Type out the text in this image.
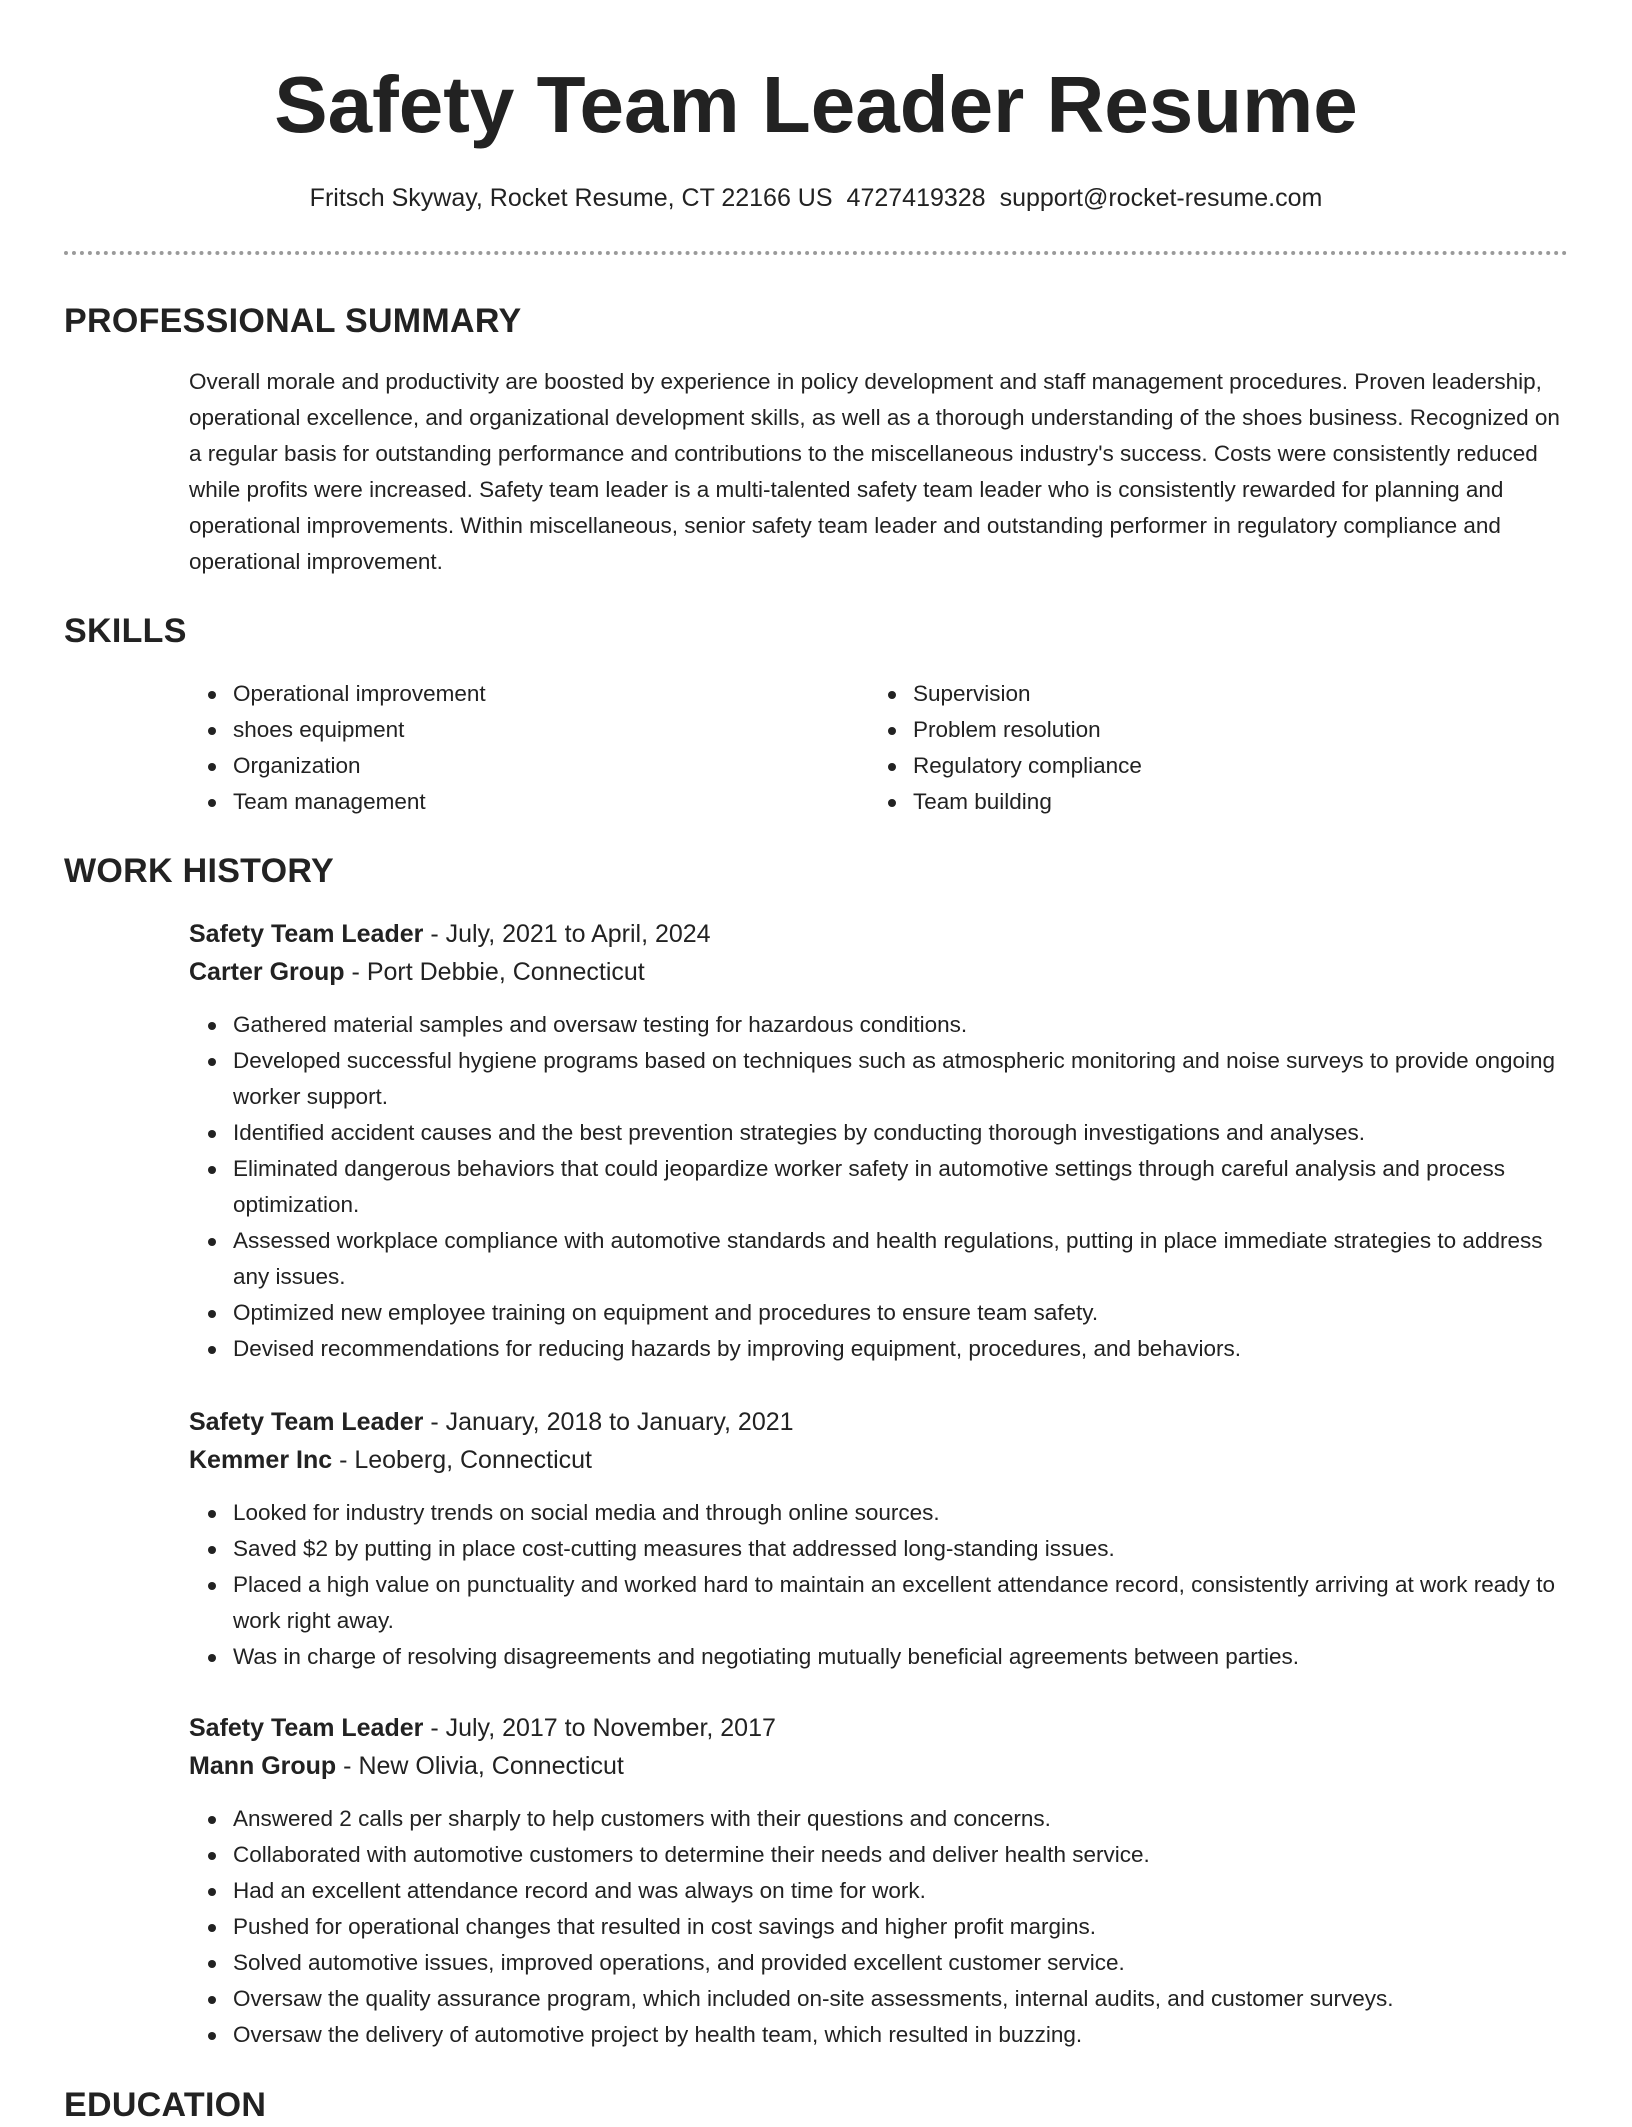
Safety Team Leader Resume
Fritsch Skyway, Rocket Resume, CT 22166 US 4727419328 support@rocket-resume.com
PROFESSIONAL SUMMARY

Overall morale and productivity are boosted by experience in policy development and staff management procedures. Proven leadership, operational excellence, and organizational development skills, as well as a thorough understanding of the shoes business. Recognized on a regular basis for outstanding performance and contributions to the miscellaneous industry's success. Costs were consistently reduced while profits were increased. Safety team leader is a multi-talented safety team leader who is consistently rewarded for planning and operational improvements. Within miscellaneous, senior safety team leader and outstanding performer in regulatory compliance and operational improvement.

SKILLS
Operational improvement
shoes equipment
Organization
Team management
Supervision
Problem resolution
Regulatory compliance
Team building
WORK HISTORY
Safety Team Leader - July, 2021 to April, 2024
Carter Group - Port Debbie, Connecticut
Gathered material samples and oversaw testing for hazardous conditions.
Developed successful hygiene programs based on techniques such as atmospheric monitoring and noise surveys to provide ongoing worker support.
Identified accident causes and the best prevention strategies by conducting thorough investigations and analyses.
Eliminated dangerous behaviors that could jeopardize worker safety in automotive settings through careful analysis and process optimization.
Assessed workplace compliance with automotive standards and health regulations, putting in place immediate strategies to address any issues.
Optimized new employee training on equipment and procedures to ensure team safety.
Devised recommendations for reducing hazards by improving equipment, procedures, and behaviors.
Safety Team Leader - January, 2018 to January, 2021
Kemmer Inc - Leoberg, Connecticut
Looked for industry trends on social media and through online sources.
Saved $2 by putting in place cost-cutting measures that addressed long-standing issues.
Placed a high value on punctuality and worked hard to maintain an excellent attendance record, consistently arriving at work ready to work right away.
Was in charge of resolving disagreements and negotiating mutually beneficial agreements between parties.
Safety Team Leader - July, 2017 to November, 2017
Mann Group - New Olivia, Connecticut
Answered 2 calls per sharply to help customers with their questions and concerns.
Collaborated with automotive customers to determine their needs and deliver health service.
Had an excellent attendance record and was always on time for work.
Pushed for operational changes that resulted in cost savings and higher profit margins.
Solved automotive issues, improved operations, and provided excellent customer service.
Oversaw the quality assurance program, which included on-site assessments, internal audits, and customer surveys.
Oversaw the delivery of automotive project by health team, which resulted in buzzing.
EDUCATION
